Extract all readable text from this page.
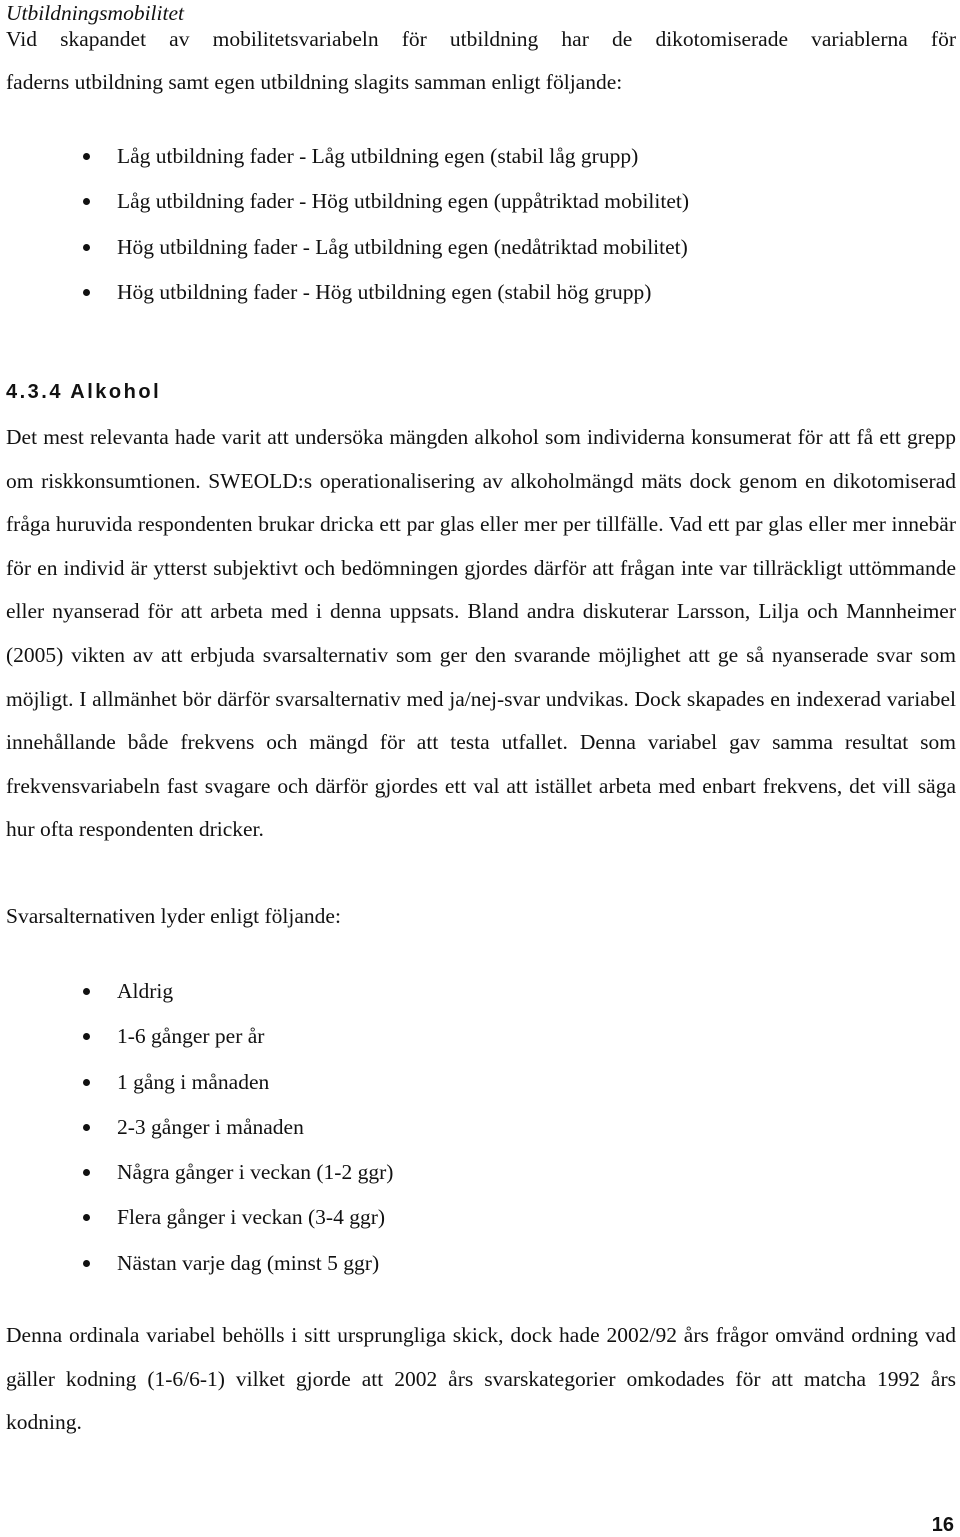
Utbildningsmobilitet

Vid skapandet av mobilitetsvariabeln för utbildning har de dikotomiserade variablerna för

faderns utbildning samt egen utbildning slagits samman enligt följande:

Låg utbildning fader - Låg utbildning egen (stabil låg grupp)
Låg utbildning fader - Hög utbildning egen (uppåtriktad mobilitet)
Hög utbildning fader - Låg utbildning egen (nedåtriktad mobilitet)
Hög utbildning fader - Hög utbildning egen (stabil hög grupp)
4.3.4 Alkohol

Det mest relevanta hade varit att undersöka mängden alkohol som individerna konsumerat för att få ett grepp om riskkonsumtionen. SWEOLD:s operationalisering av alkoholmängd mäts dock genom en dikotomiserad fråga huruvida respondenten brukar dricka ett par glas eller mer per tillfälle. Vad ett par glas eller mer innebär för en individ är ytterst subjektivt och bedömningen gjordes därför att frågan inte var tillräckligt uttömmande eller nyanserad för att arbeta med i denna uppsats. Bland andra diskuterar Larsson, Lilja och Mannheimer (2005) vikten av att erbjuda svarsalternativ som ger den svarande möjlighet att ge så nyanserade svar som möjligt. I allmänhet bör därför svarsalternativ med ja/nej-svar undvikas. Dock skapades en indexerad variabel innehållande både frekvens och mängd för att testa utfallet. Denna variabel gav samma resultat som frekvensvariabeln fast svagare och därför gjordes ett val att istället arbeta med enbart frekvens, det vill säga hur ofta respondenten dricker.

Svarsalternativen lyder enligt följande:

Aldrig
1-6 gånger per år
1 gång i månaden
2-3 gånger i månaden
Några gånger i veckan (1-2 ggr)
Flera gånger i veckan (3-4 ggr)
Nästan varje dag (minst 5 ggr)

Denna ordinala variabel behölls i sitt ursprungliga skick, dock hade 2002/92 års frågor omvänd ordning vad gäller kodning (1-6/6-1) vilket gjorde att 2002 års svarskategorier omkodades för att matcha 1992 års kodning.

16
